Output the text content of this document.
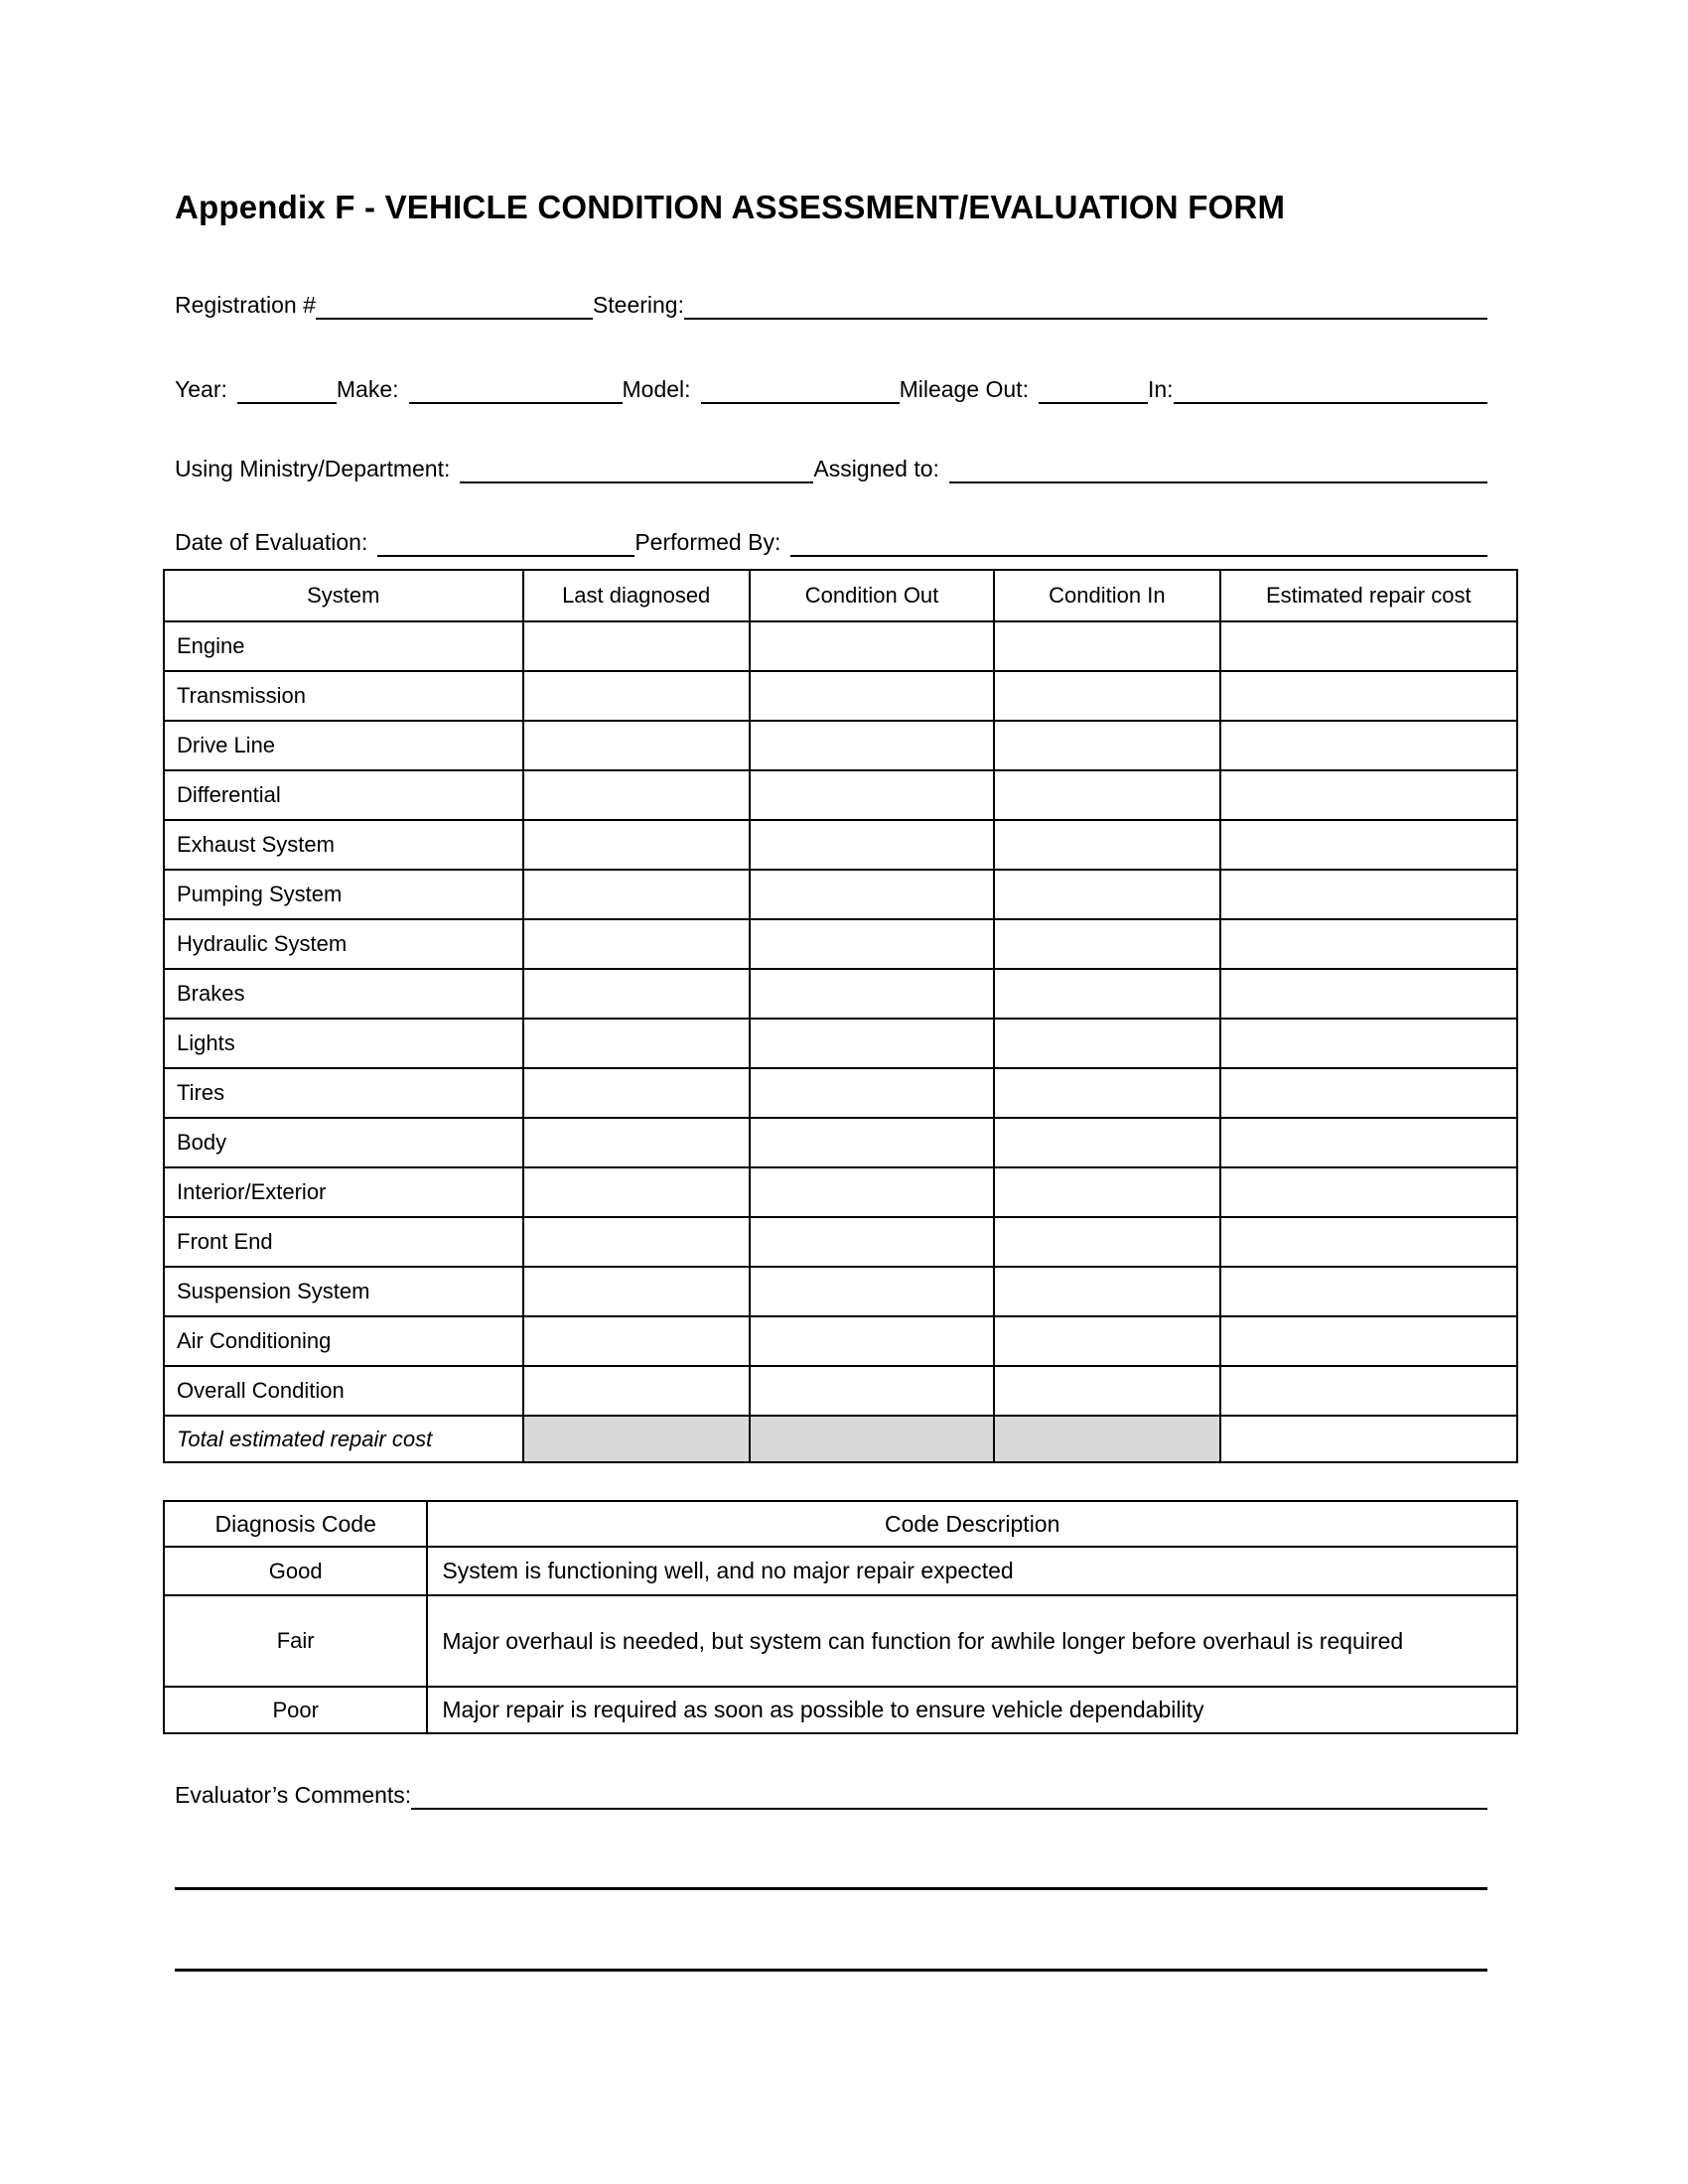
Appendix F - VEHICLE CONDITION ASSESSMENT/EVALUATION FORM
Registration #	Steering:
Year:	Make:	Model:	Mileage Out:	In:
Using Ministry/Department:	Assigned to:
Date of Evaluation:	Performed By:
System	Last diagnosed	Condition Out	Condition In	Estimated repair cost
Engine				
Transmission				
Drive Line				
Differential				
Exhaust System				
Pumping System				
Hydraulic System				
Brakes				
Lights				
Tires				
Body				
Interior/Exterior				
Front End				
Suspension System				
Air Conditioning				
Overall Condition				
Total estimated repair cost				
Diagnosis Code	Code Description
Good	System is functioning well, and no major repair expected
Fair	Major overhaul is needed, but system can function for awhile longer before overhaul is required
Poor	Major repair is required as soon as possible to ensure vehicle dependability
Evaluator’s Comments:
